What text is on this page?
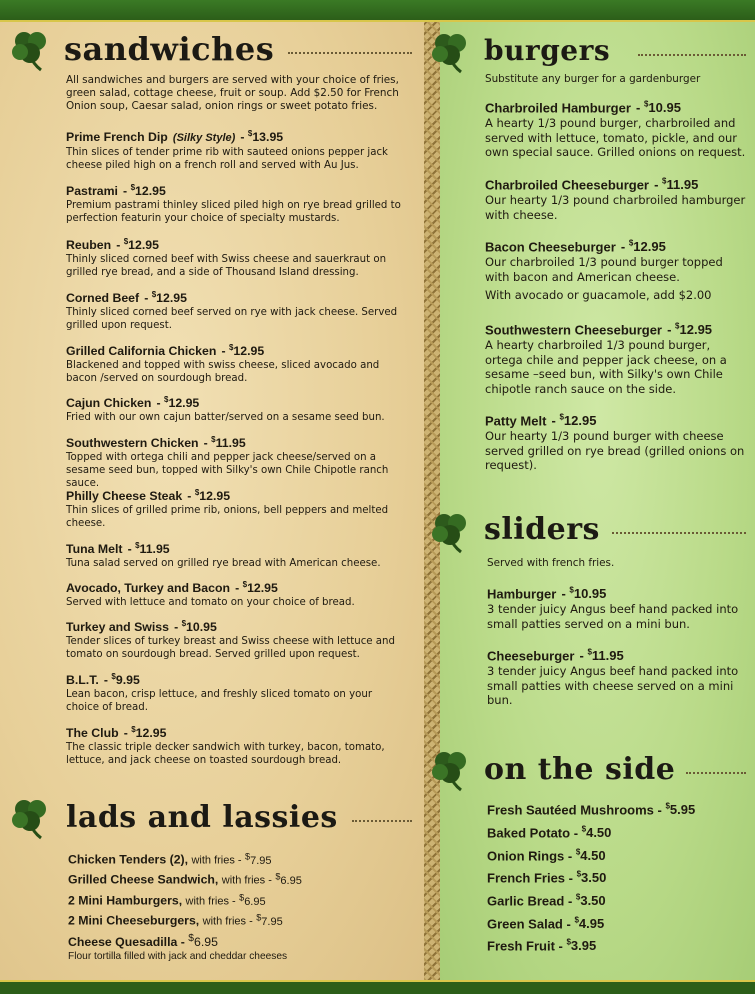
sandwiches
All sandwiches and burgers are served with your choice of fries, green salad, cottage cheese, fruit or soup. Add $2.50 for French Onion soup, Caesar salad, onion rings or sweet potato fries.
Prime French Dip (Silky Style) - $13.95
Thin slices of tender prime rib with sauteed onions pepper jack cheese piled high on a french roll and served with Au Jus.
Pastrami - $12.95
Premium pastrami thinley sliced piled high on rye bread grilled to perfection featurin your choice of specialty mustards.
Reuben - $12.95
Thinly sliced corned beef with Swiss cheese and sauerkraut on grilled rye bread, and a side of Thousand Island dressing.
Corned Beef - $12.95
Thinly sliced corned beef served on rye with jack cheese. Served grilled upon request.
Grilled California Chicken - $12.95
Blackened and topped with swiss cheese, sliced avocado and bacon /served on sourdough bread.
Cajun Chicken - $12.95
Fried with our own cajun batter/served on a sesame seed bun.
Southwestern Chicken - $11.95
Topped with ortega chili and pepper jack cheese/served on a sesame seed bun, topped with Silky's own Chile Chipotle ranch sauce.
Philly Cheese Steak - $12.95
Thin slices of grilled prime rib, onions, bell peppers and melted cheese.
Tuna Melt - $11.95
Tuna salad served on grilled rye bread with American cheese.
Avocado, Turkey and Bacon - $12.95
Served with lettuce and tomato on your choice of bread.
Turkey and Swiss - $10.95
Tender slices of turkey breast and Swiss cheese with lettuce and tomato on sourdough bread. Served grilled upon request.
B.L.T. - $9.95
Lean bacon, crisp lettuce, and freshly sliced tomato on your choice of bread.
The Club - $12.95
The classic triple decker sandwich with turkey, bacon, tomato, lettuce, and jack cheese on toasted sourdough bread.
lads and lassies
Chicken Tenders (2), with fries - $7.95
Grilled Cheese Sandwich, with fries - $6.95
2 Mini Hamburgers, with fries - $6.95
2 Mini Cheeseburgers, with fries - $7.95
Cheese Quesadilla - $6.95
Flour tortilla filled with jack and cheddar cheeses
burgers
Substitute any burger for a gardenburger
Charbroiled Hamburger - $10.95
A hearty 1/3 pound burger, charbroiled and served with lettuce, tomato, pickle, and our own special sauce. Grilled onions on request.
Charbroiled Cheeseburger - $11.95
Our hearty 1/3 pound charbroiled hamburger with cheese.
Bacon Cheeseburger - $12.95
Our charbroiled 1/3 pound burger topped with bacon and American cheese.
With avocado or guacamole, add $2.00
Southwestern Cheeseburger - $12.95
A hearty charbroiled 1/3 pound burger, ortega chile and pepper jack cheese, on a sesame –seed bun, with Silky's own Chile chipotle ranch sauce on the side.
Patty Melt - $12.95
Our hearty 1/3 pound burger with cheese served grilled on rye bread (grilled onions on request).
sliders
Served with french fries.
Hamburger - $10.95
3 tender juicy Angus beef hand packed into small patties served on a mini bun.
Cheeseburger - $11.95
3 tender juicy Angus beef hand packed into small patties with cheese served on a mini bun.
on the side
Fresh Sautéed Mushrooms - $5.95
Baked Potato - $4.50
Onion Rings - $4.50
French Fries - $3.50
Garlic Bread - $3.50
Green Salad - $4.95
Fresh Fruit - $3.95
